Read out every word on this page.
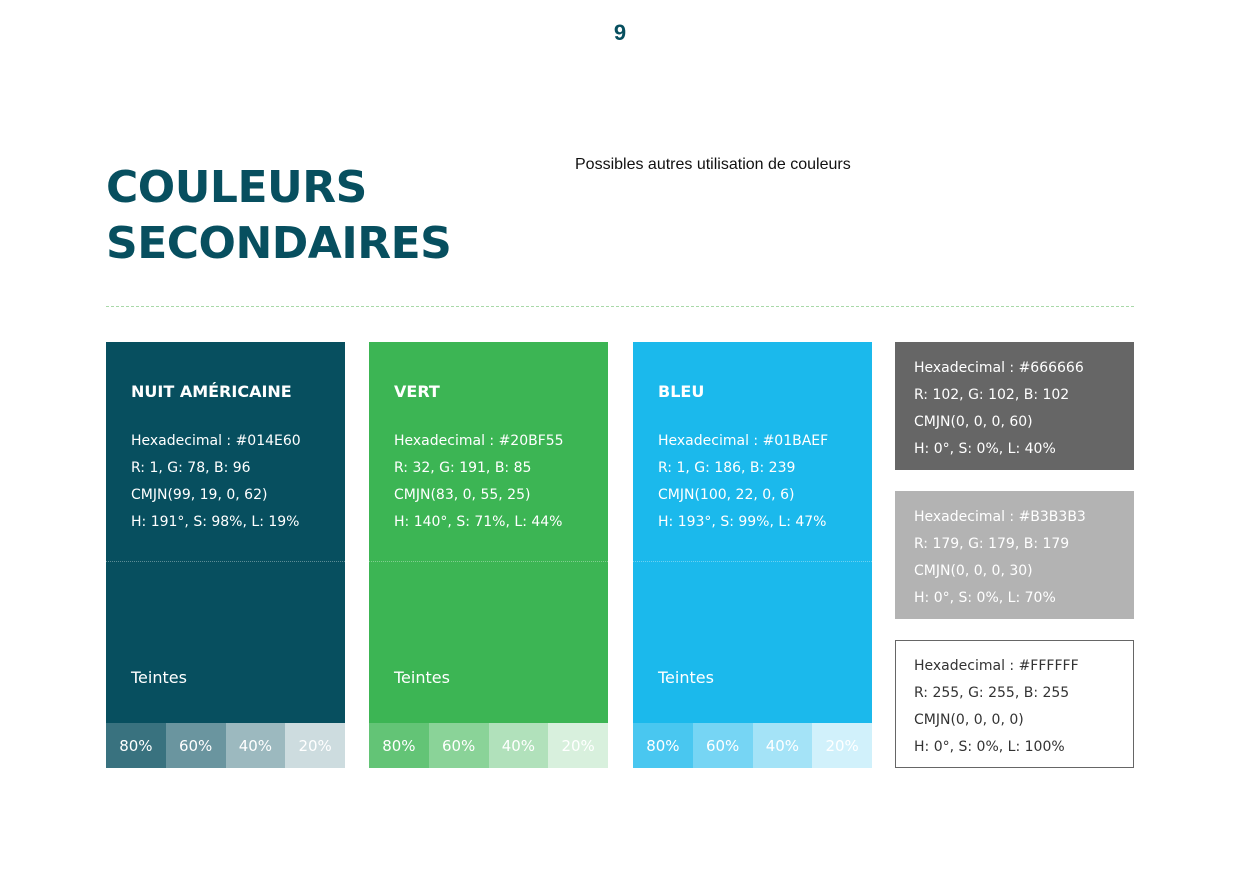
9
COULEURS
SECONDAIRES
Possibles autres utilisation de couleurs
NUIT AMÉRICAINE
Hexadecimal : #014E60
R: 1, G: 78, B: 96
CMJN(99, 19, 0, 62)
H: 191°, S: 98%, L: 19%
Teintes
80%	60%	40%	20%
VERT
Hexadecimal : #20BF55
R: 32, G: 191, B: 85
CMJN(83, 0, 55, 25)
H: 140°, S: 71%, L: 44%
Teintes
80%	60%	40%	20%
BLEU
Hexadecimal : #01BAEF
R: 1, G: 186, B: 239
CMJN(100, 22, 0, 6)
H: 193°, S: 99%, L: 47%
Teintes
80%	60%	40%	20%
Hexadecimal : #666666
R: 102, G: 102, B: 102
CMJN(0, 0, 0, 60)
H: 0°, S: 0%, L: 40%
Hexadecimal : #B3B3B3
R: 179, G: 179, B: 179
CMJN(0, 0, 0, 30)
H: 0°, S: 0%, L: 70%
Hexadecimal : #FFFFFF
R: 255, G: 255, B: 255
CMJN(0, 0, 0, 0)
H: 0°, S: 0%, L: 100%
